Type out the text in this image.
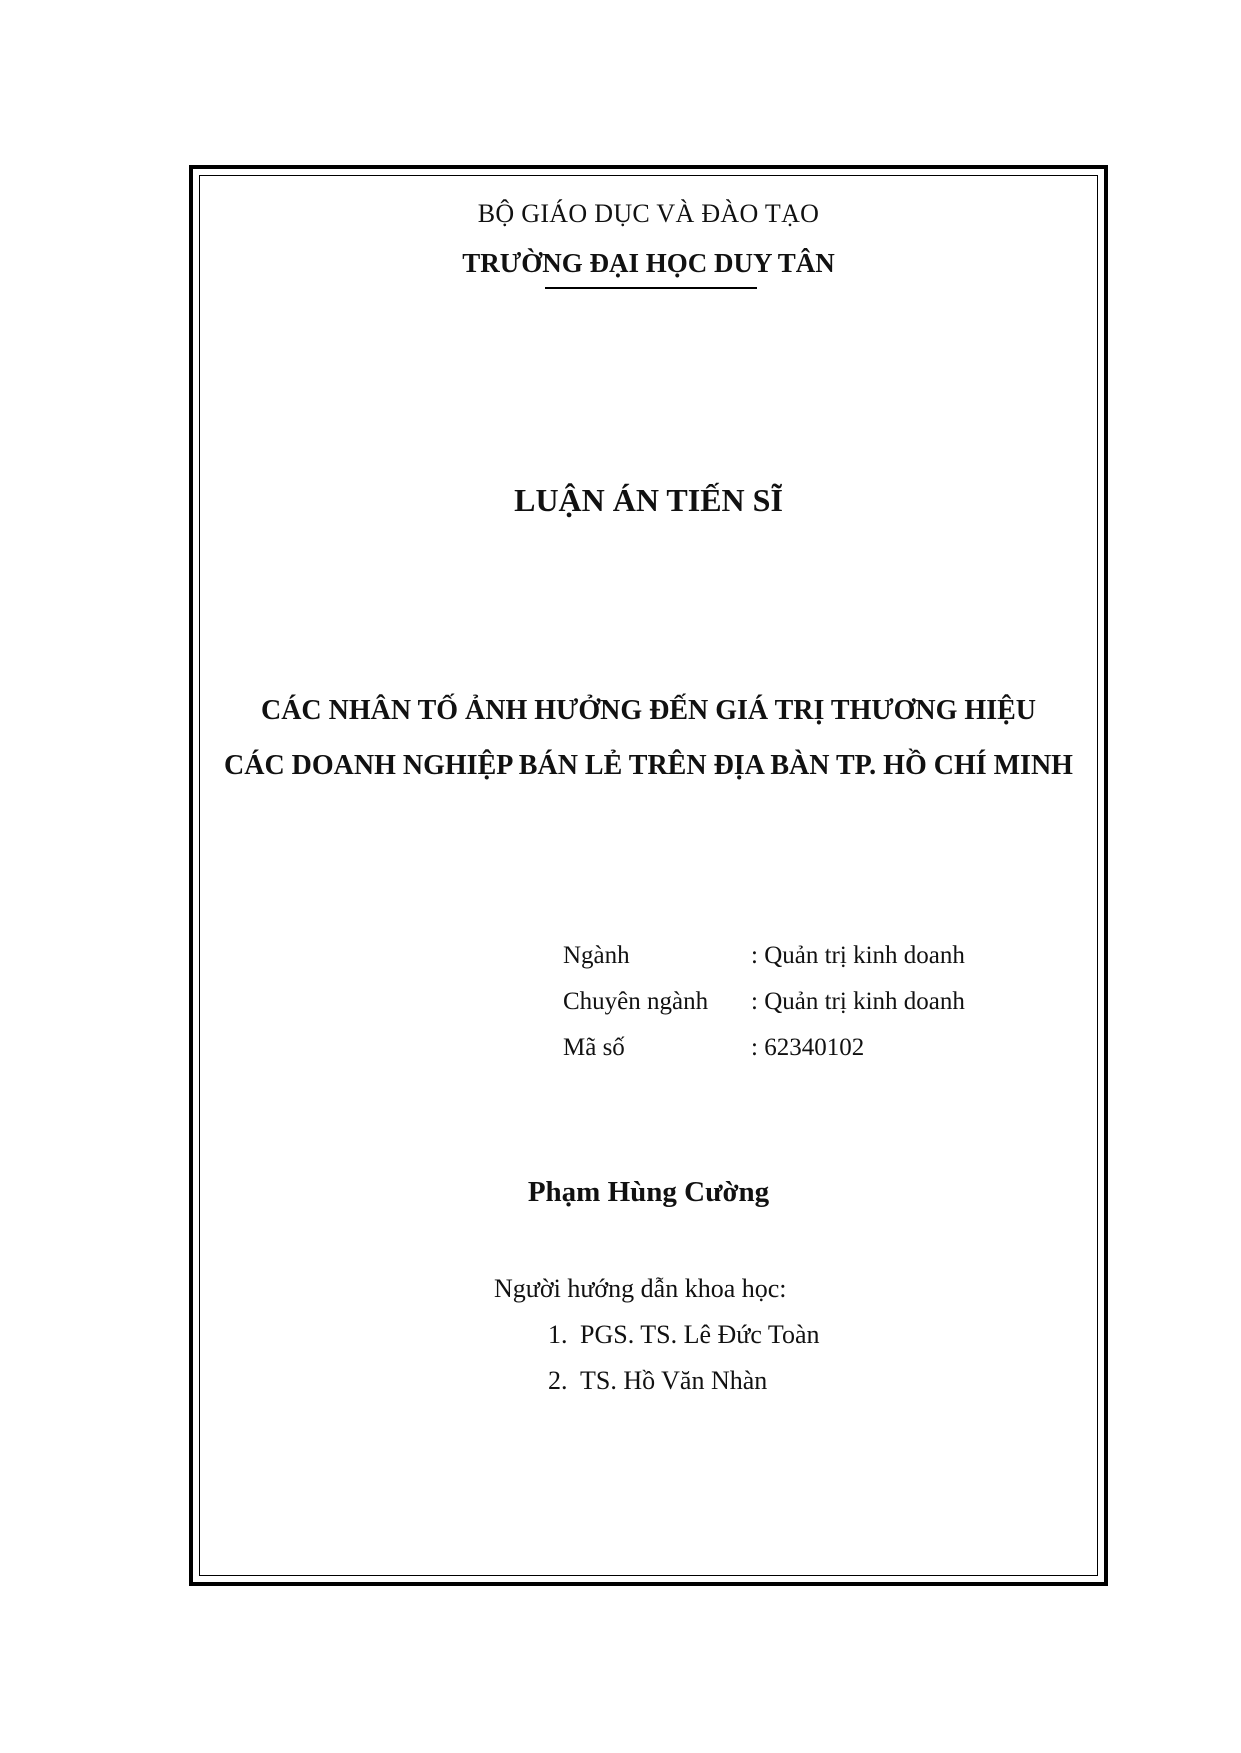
BỘ GIÁO DỤC VÀ ĐÀO TẠO
TRƯỜNG ĐẠI HỌC DUY TÂN
LUẬN ÁN TIẾN SĨ
CÁC NHÂN TỐ ẢNH HƯỞNG ĐẾN GIÁ TRỊ THƯƠNG HIỆU
CÁC DOANH NGHIỆP BÁN LẺ TRÊN ĐỊA BÀN TP. HỒ CHÍ MINH
Ngành	: Quản trị kinh doanh
Chuyên ngành : Quản trị kinh doanh
Mã số	: 62340102
Phạm Hùng Cường
Người hướng dẫn khoa học:
1. PGS. TS. Lê Đức Toàn
2. TS. Hồ Văn Nhàn
